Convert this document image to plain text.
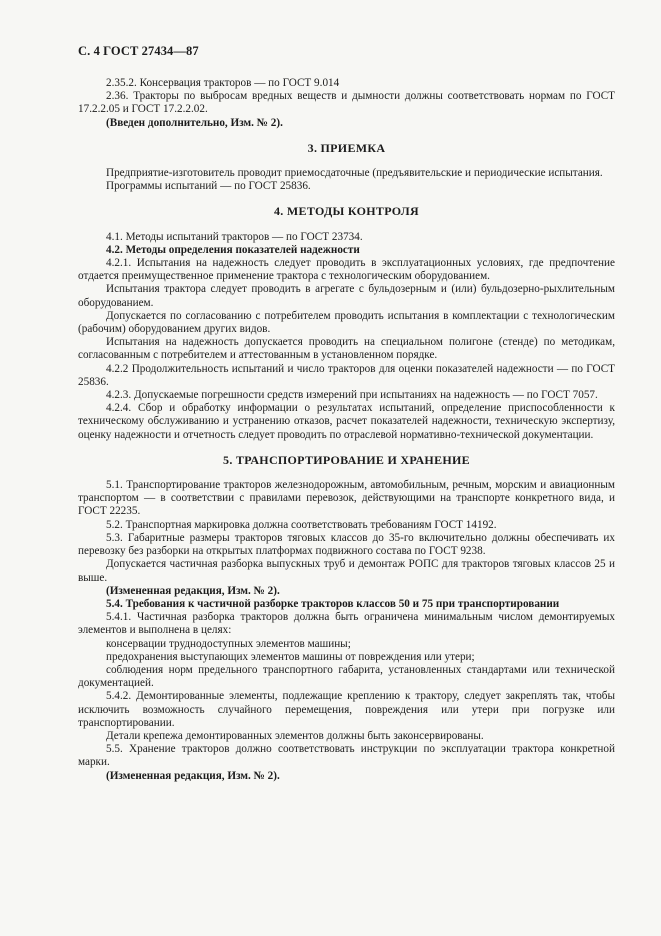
С. 4 ГОСТ 27434—87

2.35.2. Консервация тракторов — по ГОСТ 9.014

2.36. Тракторы по выбросам вредных веществ и дымности должны соответствовать нормам по ГОСТ 17.2.2.05 и ГОСТ 17.2.2.02.

(Введен дополнительно, Изм. № 2).

3. ПРИЕМКА

Предприятие-изготовитель проводит приемосдаточные (предъявительские и периодические испытания.

Программы испытаний — по ГОСТ 25836.

4. МЕТОДЫ КОНТРОЛЯ

4.1. Методы испытаний тракторов — по ГОСТ 23734.

4.2. Методы определения показателей надежности

4.2.1. Испытания на надежность следует проводить в эксплуатационных условиях, где предпочтение отдается преимущественное применение трактора с технологическим оборудованием.

Испытания трактора следует проводить в агрегате с бульдозерным и (или) бульдозерно-рыхлительным оборудованием.

Допускается по согласованию с потребителем проводить испытания в комплектации с технологическим (рабочим) оборудованием других видов.

Испытания на надежность допускается проводить на специальном полигоне (стенде) по методикам, согласованным с потребителем и аттестованным в установленном порядке.

4.2.2 Продолжительность испытаний и число тракторов для оценки показателей надежности — по ГОСТ 25836.

4.2.3. Допускаемые погрешности средств измерений при испытаниях на надежность — по ГОСТ 7057.

4.2.4. Сбор и обработку информации о результатах испытаний, определение приспособленности к техническому обслуживанию и устранению отказов, расчет показателей надежности, техническую экспертизу, оценку надежности и отчетность следует проводить по отраслевой нормативно-технической документации.

5. ТРАНСПОРТИРОВАНИЕ И ХРАНЕНИЕ

5.1. Транспортирование тракторов железнодорожным, автомобильным, речным, морским и авиационным транспортом — в соответствии с правилами перевозок, действующими на транспорте конкретного вида, и ГОСТ 22235.

5.2. Транспортная маркировка должна соответствовать требованиям ГОСТ 14192.

5.3. Габаритные размеры тракторов тяговых классов до 35-го включительно должны обеспечивать их перевозку без разборки на открытых платформах подвижного состава по ГОСТ 9238.

Допускается частичная разборка выпускных труб и демонтаж РОПС для тракторов тяговых классов 25 и выше.

(Измененная редакция, Изм. № 2).

5.4. Требования к частичной разборке тракторов классов 50 и 75 при транспортировании

5.4.1. Частичная разборка тракторов должна быть ограничена минимальным числом демонтируемых элементов и выполнена в целях:

консервации труднодоступных элементов машины;

предохранения выступающих элементов машины от повреждения или утери;

соблюдения норм предельного транспортного габарита, установленных стандартами или технической документацией.

5.4.2. Демонтированные элементы, подлежащие креплению к трактору, следует закреплять так, чтобы исключить возможность случайного перемещения, повреждения или утери при погрузке или транспортировании.

Детали крепежа демонтированных элементов должны быть законсервированы.

5.5. Хранение тракторов должно соответствовать инструкции по эксплуатации трактора конкретной марки.

(Измененная редакция, Изм. № 2).
